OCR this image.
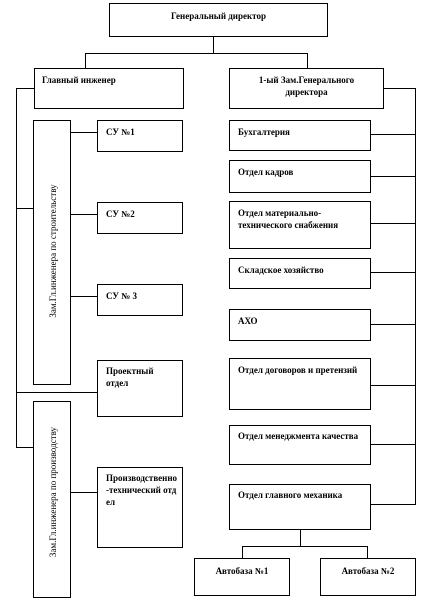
Генеральный директор
Главный инженер	1-ый Зам.Генерального директора
Зам.Гл.инженера по строительству
Зам.Гл.инженера по производству
СУ №1
СУ №2
СУ № 3
Проектный отдел
Производственно-технический отдел
Бухгалтерия
Отдел кадров
Отдел материально-технического снабжения
Складское хозяйство
АХО
Отдел договоров и претензий
Отдел менеджмента качества
Отдел главного механика
Автобаза №1	Автобаза №2
